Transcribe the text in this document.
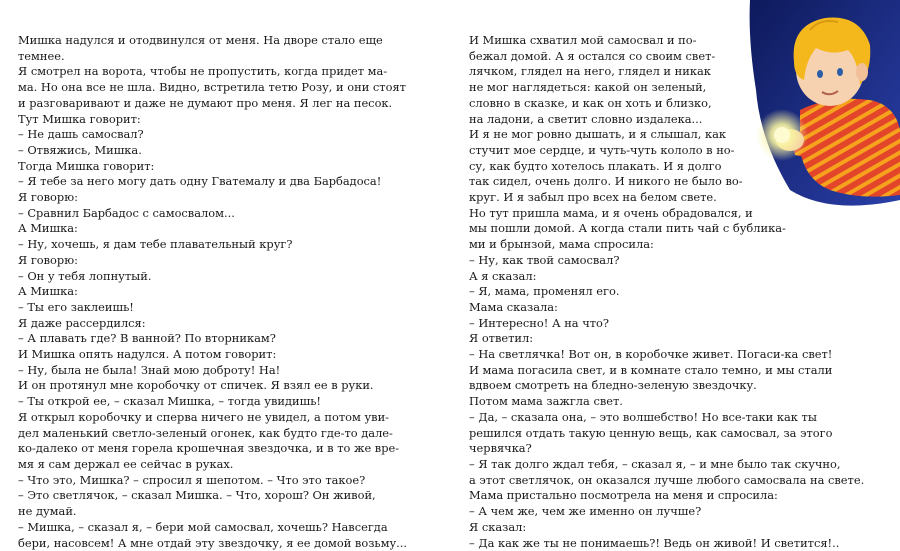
Мишка надулся и отодвинулся от меня. На дворе стало еще

темнее.

Я смотрел на ворота, чтобы не пропустить, когда придет ма-

ма. Но она все не шла. Видно, встретила тетю Розу, и они стоят

и разговаривают и даже не думают про меня. Я лег на песок.

Тут Мишка говорит:

– Не дашь самосвал?

– Отвяжись, Мишка.

Тогда Мишка говорит:

– Я тебе за него могу дать одну Гватемалу и два Барбадоса!

Я говорю:

– Сравнил Барбадос с самосвалом...

А Мишка:

– Ну, хочешь, я дам тебе плавательный круг?

Я говорю:

– Он у тебя лопнутый.

А Мишка:

– Ты его заклеишь!

Я даже рассердился:

– А плавать где? В ванной? По вторникам?

И Мишка опять надулся. А потом говорит:

– Ну, была не была! Знай мою доброту! На!

И он протянул мне коробочку от спичек. Я взял ее в руки.

– Ты открой ее, – сказал Мишка, – тогда увидишь!

Я открыл коробочку и сперва ничего не увидел, а потом уви-

дел маленький светло-зеленый огонек, как будто где-то дале-

ко-далеко от меня горела крошечная звездочка, и в то же вре-

мя я сам держал ее сейчас в руках.

– Что это, Мишка? – спросил я шепотом. – Что это такое?

– Это светлячок, – сказал Мишка. – Что, хорош? Он живой,

не думай.

– Мишка, – сказал я, – бери мой самосвал, хочешь? Навсегда

бери, насовсем! А мне отдай эту звездочку, я ее домой возьму...

И Мишка схватил мой самосвал и по-

бежал домой. А я остался со своим свет-

лячком, глядел на него, глядел и никак

не мог наглядеться: какой он зеленый,

словно в сказке, и как он хоть и близко,

на ладони, а светит словно издалека...

И я не мог ровно дышать, и я слышал, как

стучит мое сердце, и чуть-чуть кололо в но-

су, как будто хотелось плакать. И я долго

так сидел, очень долго. И никого не было во-

круг. И я забыл про всех на белом свете.

Но тут пришла мама, и я очень обрадовался, и

мы пошли домой. А когда стали пить чай с бублика-

ми и брынзой, мама спросила:

– Ну, как твой самосвал?

А я сказал:

– Я, мама, променял его.

Мама сказала:

– Интересно! А на что?

Я ответил:

– На светлячка! Вот он, в коробочке живет. Погаси-ка свет!

И мама погасила свет, и в комнате стало темно, и мы стали

вдвоем смотреть на бледно-зеленую звездочку.

Потом мама зажгла свет.

– Да, – сказала она, – это волшебство! Но все-таки как ты

решился отдать такую ценную вещь, как самосвал, за этого

червячка?

– Я так долго ждал тебя, – сказал я, – и мне было так скучно,

а этот светлячок, он оказался лучше любого самосвала на свете.

Мама пристально посмотрела на меня и спросила:

– А чем же, чем же именно он лучше?

Я сказал:

– Да как же ты не понимаешь?! Ведь он живой! И светится!..
